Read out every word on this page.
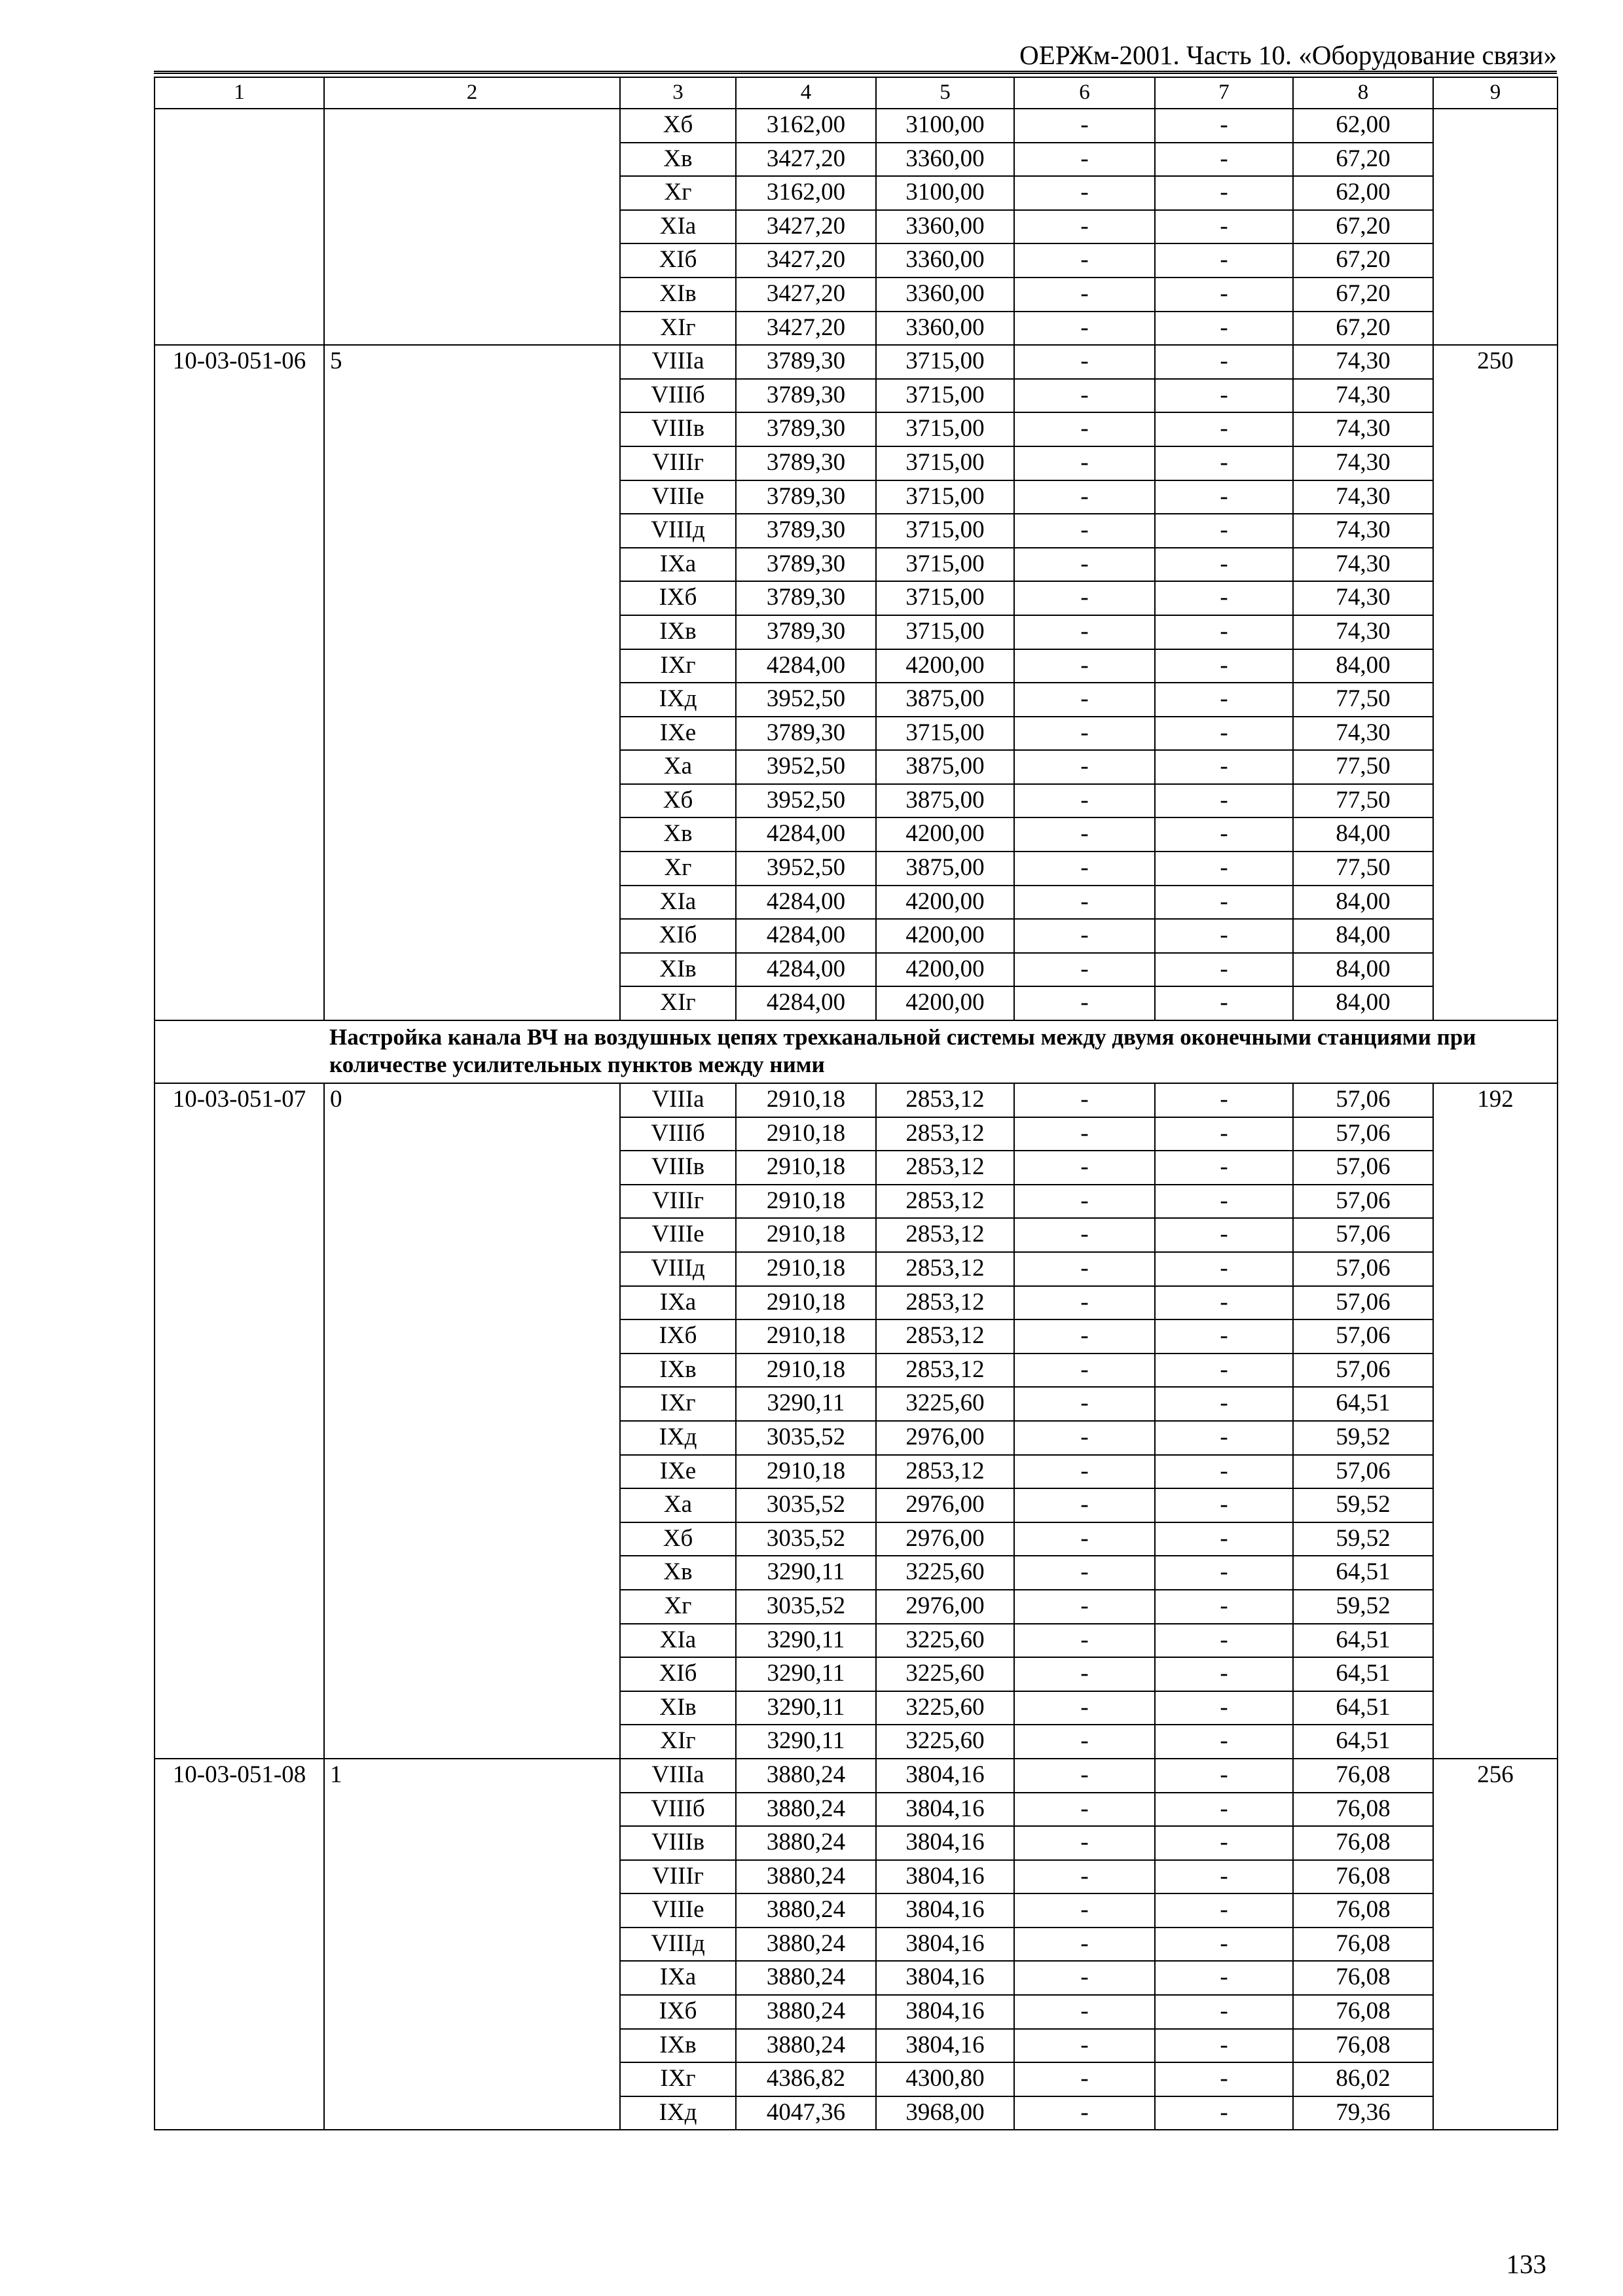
ОЕРЖм-2001. Часть 10. «Оборудование связи»
1	2	3	4	5	6	7	8	9
		Xб	3162,00	3100,00	-	-	62,00	
		Xв	3427,20	3360,00	-	-	67,20	
		Xг	3162,00	3100,00	-	-	62,00	
		XIа	3427,20	3360,00	-	-	67,20	
		XIб	3427,20	3360,00	-	-	67,20	
		XIв	3427,20	3360,00	-	-	67,20	
		XIг	3427,20	3360,00	-	-	67,20	
10-03-051-06	5	VIIIа	3789,30	3715,00	-	-	74,30	250
		VIIIб	3789,30	3715,00	-	-	74,30	
		VIIIв	3789,30	3715,00	-	-	74,30	
		VIIIг	3789,30	3715,00	-	-	74,30	
		VIIIе	3789,30	3715,00	-	-	74,30	
		VIIIд	3789,30	3715,00	-	-	74,30	
		IXа	3789,30	3715,00	-	-	74,30	
		IXб	3789,30	3715,00	-	-	74,30	
		IXв	3789,30	3715,00	-	-	74,30	
		IXг	4284,00	4200,00	-	-	84,00	
		IXд	3952,50	3875,00	-	-	77,50	
		IXе	3789,30	3715,00	-	-	74,30	
		Xа	3952,50	3875,00	-	-	77,50	
		Xб	3952,50	3875,00	-	-	77,50	
		Xв	4284,00	4200,00	-	-	84,00	
		Xг	3952,50	3875,00	-	-	77,50	
		XIа	4284,00	4200,00	-	-	84,00	
		XIб	4284,00	4200,00	-	-	84,00	
		XIв	4284,00	4200,00	-	-	84,00	
		XIг	4284,00	4200,00	-	-	84,00	
	Настройка канала ВЧ на воздушных цепях трехканальной системы между двумя оконечными станциями при количестве усилительных пунктов между ними							
10-03-051-07	0	VIIIа	2910,18	2853,12	-	-	57,06	192
		VIIIб	2910,18	2853,12	-	-	57,06	
		VIIIв	2910,18	2853,12	-	-	57,06	
		VIIIг	2910,18	2853,12	-	-	57,06	
		VIIIе	2910,18	2853,12	-	-	57,06	
		VIIIд	2910,18	2853,12	-	-	57,06	
		IXа	2910,18	2853,12	-	-	57,06	
		IXб	2910,18	2853,12	-	-	57,06	
		IXв	2910,18	2853,12	-	-	57,06	
		IXг	3290,11	3225,60	-	-	64,51	
		IXд	3035,52	2976,00	-	-	59,52	
		IXе	2910,18	2853,12	-	-	57,06	
		Xа	3035,52	2976,00	-	-	59,52	
		Xб	3035,52	2976,00	-	-	59,52	
		Xв	3290,11	3225,60	-	-	64,51	
		Xг	3035,52	2976,00	-	-	59,52	
		XIа	3290,11	3225,60	-	-	64,51	
		XIб	3290,11	3225,60	-	-	64,51	
		XIв	3290,11	3225,60	-	-	64,51	
		XIг	3290,11	3225,60	-	-	64,51	
10-03-051-08	1	VIIIа	3880,24	3804,16	-	-	76,08	256
		VIIIб	3880,24	3804,16	-	-	76,08	
		VIIIв	3880,24	3804,16	-	-	76,08	
		VIIIг	3880,24	3804,16	-	-	76,08	
		VIIIе	3880,24	3804,16	-	-	76,08	
		VIIIд	3880,24	3804,16	-	-	76,08	
		IXа	3880,24	3804,16	-	-	76,08	
		IXб	3880,24	3804,16	-	-	76,08	
		IXв	3880,24	3804,16	-	-	76,08	
		IXг	4386,82	4300,80	-	-	86,02	
		IXд	4047,36	3968,00	-	-	79,36	
133
